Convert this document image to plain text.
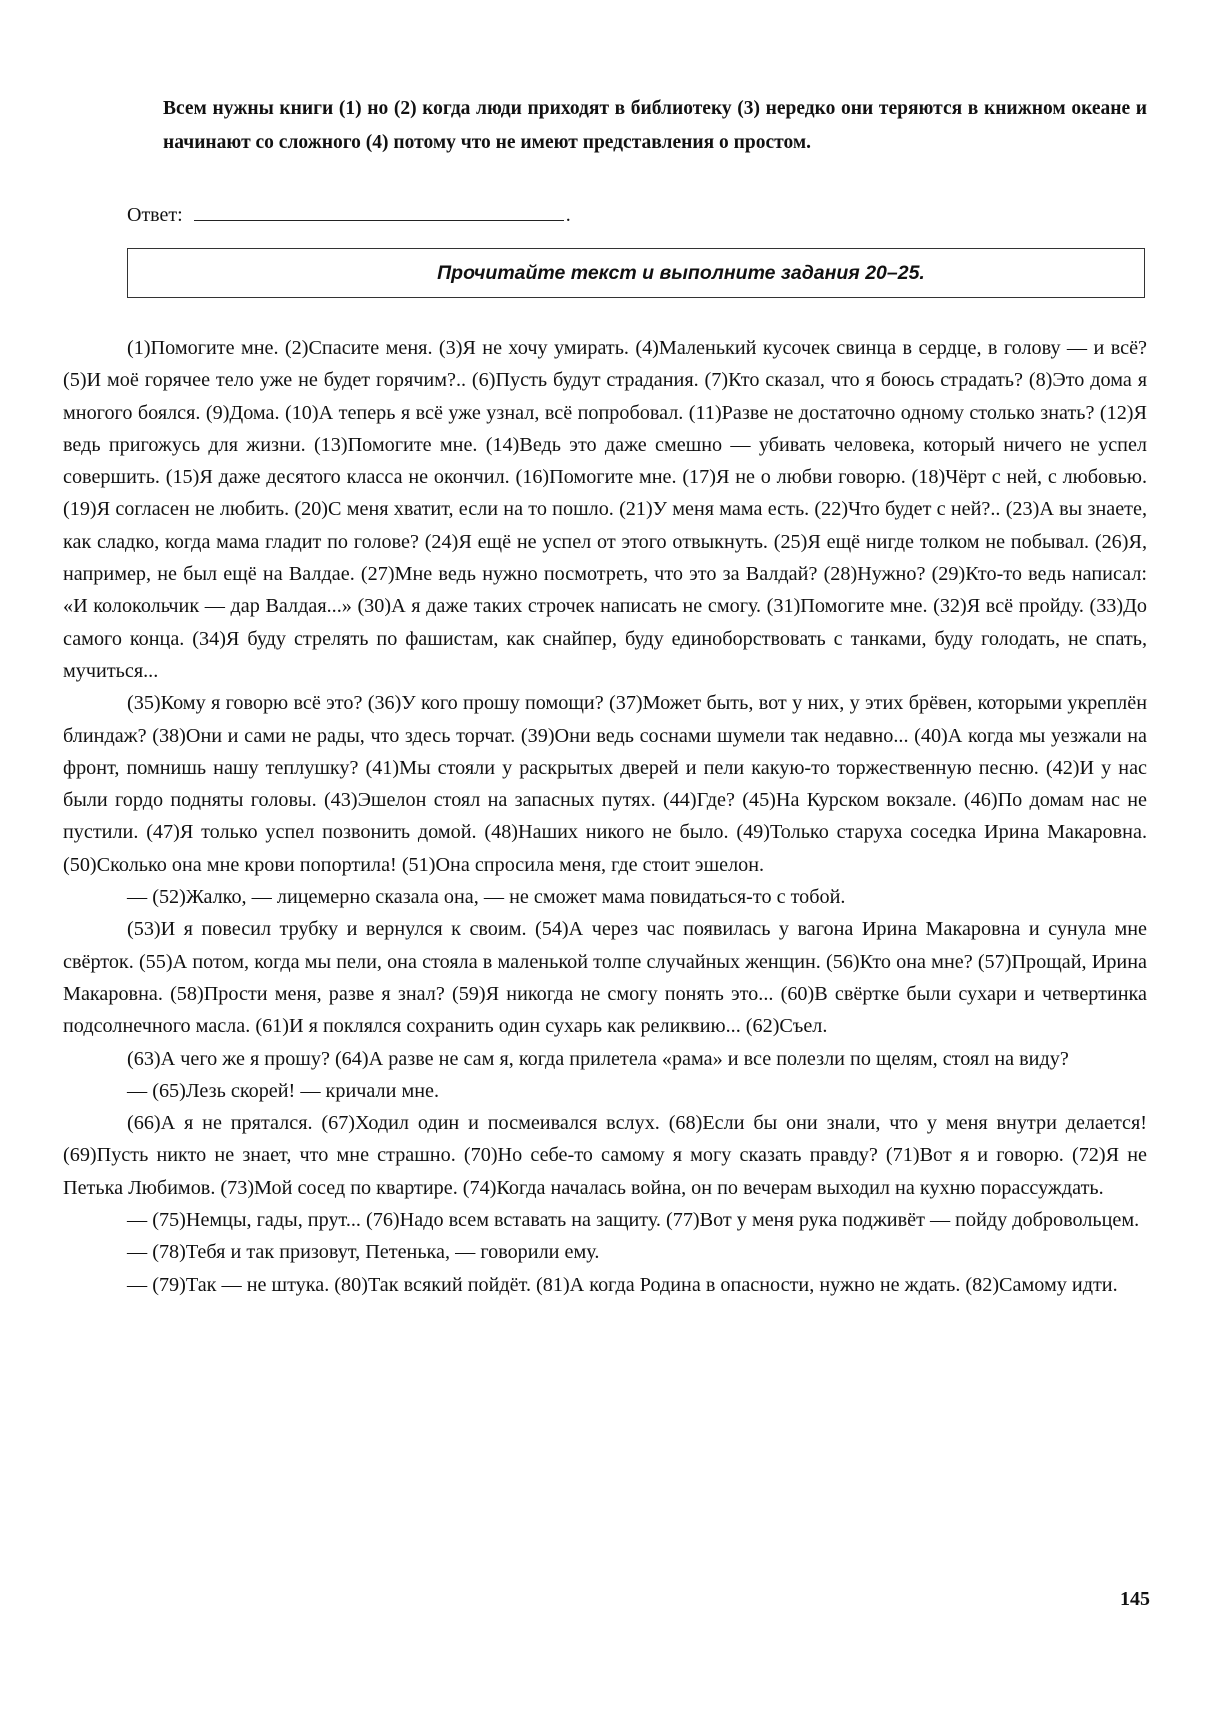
Всем нужны книги (1) но (2) когда люди приходят в библиотеку (3) нередко они теряются в книжном океане и начинают со сложного (4) потому что не имеют представления о простом.
Ответ:	.
Прочитайте текст и выполните задания 20–25.

(1)Помогите мне. (2)Спасите меня. (3)Я не хочу умирать. (4)Маленький кусочек свинца в сердце, в голову — и всё? (5)И моё горячее тело уже не будет горячим?.. (6)Пусть будут страдания. (7)Кто сказал, что я боюсь страдать? (8)Это дома я многого боялся. (9)Дома. (10)А теперь я всё уже узнал, всё попробовал. (11)Разве не достаточно одному столько знать? (12)Я ведь пригожусь для жизни. (13)Помогите мне. (14)Ведь это даже смешно — убивать человека, который ничего не успел совершить. (15)Я даже десятого класса не окончил. (16)Помогите мне. (17)Я не о любви говорю. (18)Чёрт с ней, с любовью. (19)Я согласен не любить. (20)С меня хватит, если на то пошло. (21)У меня мама есть. (22)Что будет с ней?.. (23)А вы знаете, как сладко, когда мама гладит по голове? (24)Я ещё не успел от этого отвыкнуть. (25)Я ещё нигде толком не побывал. (26)Я, например, не был ещё на Валдае. (27)Мне ведь нужно посмотреть, что это за Валдай? (28)Нужно? (29)Кто-то ведь написал: «И колокольчик — дар Валдая...» (30)А я даже таких строчек написать не смогу. (31)Помогите мне. (32)Я всё пройду. (33)До самого конца. (34)Я буду стрелять по фашистам, как снайпер, буду единоборствовать с танками, буду голодать, не спать, мучиться...

(35)Кому я говорю всё это? (36)У кого прошу помощи? (37)Может быть, вот у них, у этих брёвен, которыми укреплён блиндаж? (38)Они и сами не рады, что здесь торчат. (39)Они ведь соснами шумели так недавно... (40)А когда мы уезжали на фронт, помнишь нашу теплушку? (41)Мы стояли у раскрытых дверей и пели какую-то торжественную песню. (42)И у нас были гордо подняты головы. (43)Эшелон стоял на запасных путях. (44)Где? (45)На Курском вокзале. (46)По домам нас не пустили. (47)Я только успел позвонить домой. (48)Наших никого не было. (49)Только старуха соседка Ирина Макаровна. (50)Сколько она мне крови попортила! (51)Она спросила меня, где стоит эшелон.

— (52)Жалко, — лицемерно сказала она, — не сможет мама повидаться-то с тобой.

(53)И я повесил трубку и вернулся к своим. (54)А через час появилась у вагона Ирина Макаровна и сунула мне свёрток. (55)А потом, когда мы пели, она стояла в маленькой толпе случайных женщин. (56)Кто она мне? (57)Прощай, Ирина Макаровна. (58)Прости меня, разве я знал? (59)Я никогда не смогу понять это... (60)В свёртке были сухари и четвертинка подсолнечного масла. (61)И я поклялся сохранить один сухарь как реликвию... (62)Съел.

(63)А чего же я прошу? (64)А разве не сам я, когда прилетела «рама» и все полезли по щелям, стоял на виду?

— (65)Лезь скорей! — кричали мне.

(66)А я не прятался. (67)Ходил один и посмеивался вслух. (68)Если бы они знали, что у меня внутри делается! (69)Пусть никто не знает, что мне страшно. (70)Но себе-то самому я могу сказать правду? (71)Вот я и говорю. (72)Я не Петька Любимов. (73)Мой сосед по квартире. (74)Когда началась война, он по вечерам выходил на кухню порассуждать.

— (75)Немцы, гады, прут... (76)Надо всем вставать на защиту. (77)Вот у меня рука подживёт — пойду добровольцем.

— (78)Тебя и так призовут, Петенька, — говорили ему.

— (79)Так — не штука. (80)Так всякий пойдёт. (81)А когда Родина в опасности, нужно не ждать. (82)Самому идти.

145
